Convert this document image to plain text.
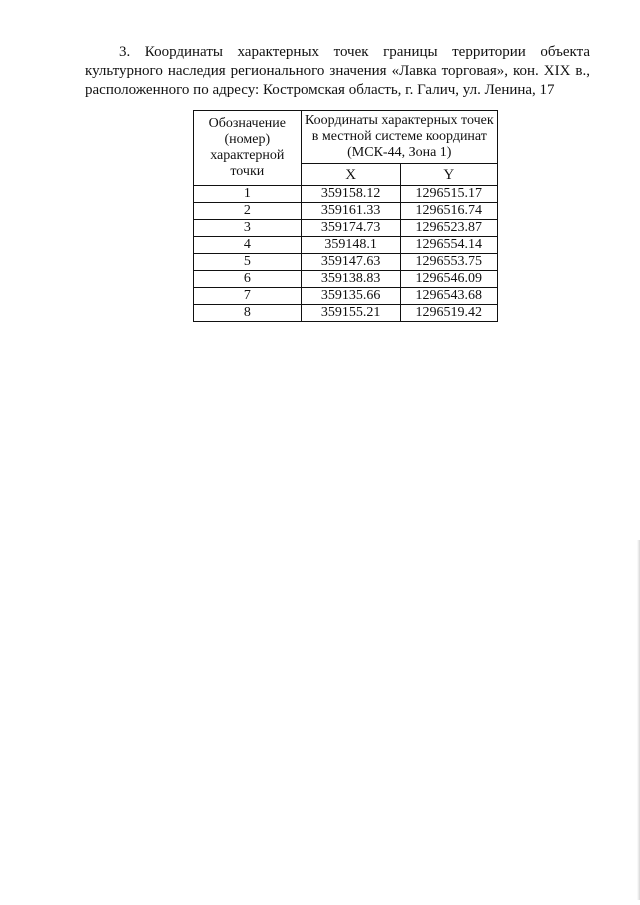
3. Координаты характерных точек границы территории объекта
культурного наследия регионального значения «Лавка торговая», кон. XIX в.,
расположенного по адресу: Костромская область, г. Галич, ул. Ленина, 17
Обозначение (номер) характерной точки	Координаты характерных точек в местной системе координат (МСК-44, Зона 1)	
	X	Y
1	359158.12	1296515.17
2	359161.33	1296516.74
3	359174.73	1296523.87
4	359148.1	1296554.14
5	359147.63	1296553.75
6	359138.83	1296546.09
7	359135.66	1296543.68
8	359155.21	1296519.42
